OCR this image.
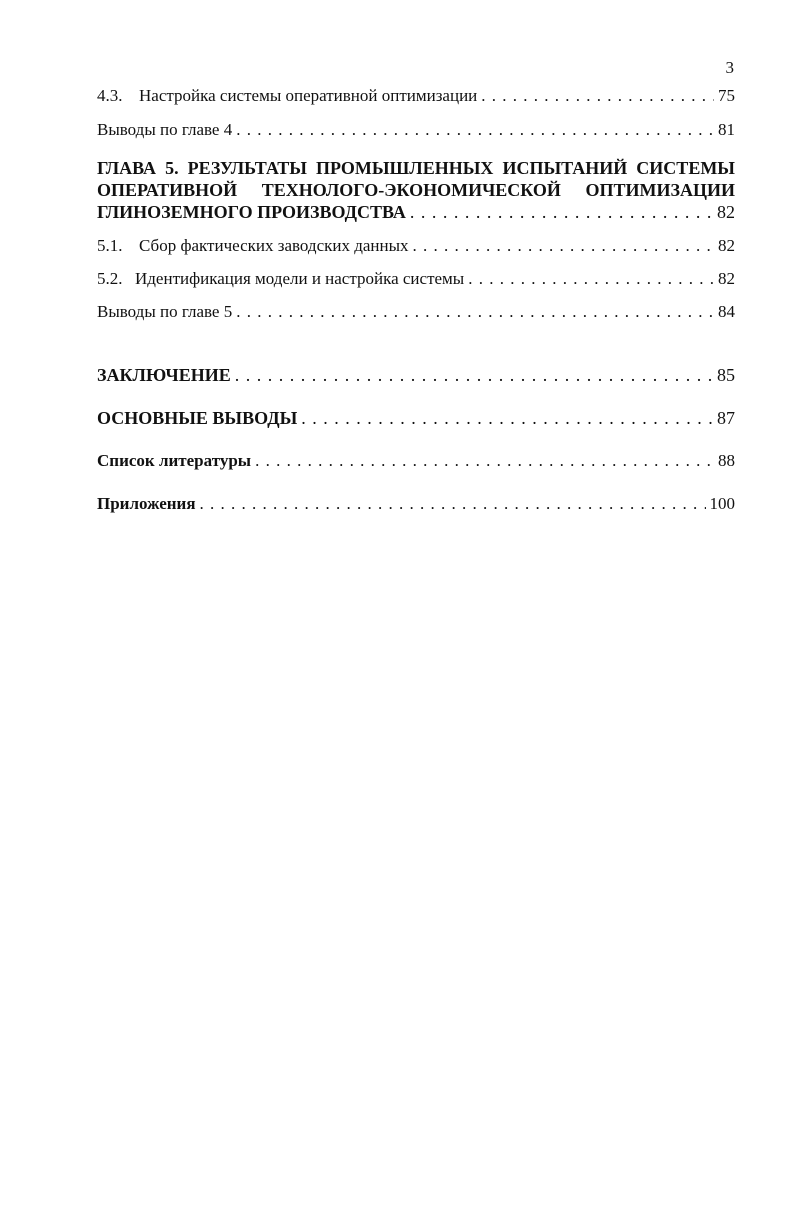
3
4.3. Настройка системы оперативной оптимизации . . .	75
Выводы по главе 4 . . .	81
ГЛАВА 5. РЕЗУЛЬТАТЫ ПРОМЫШЛЕННЫХ ИСПЫТАНИЙ СИСТЕМЫ
ОПЕРАТИВНОЙ ТЕХНОЛОГО-ЭКОНОМИЧЕСКОЙ ОПТИМИЗАЦИИ
ГЛИНОЗЕМНОГО ПРОИЗВОДСТВА . . .	82
5.1. Сбор фактических заводских данных . . .	82
5.2. Идентификация модели и настройка системы . . .	82
Выводы по главе 5 . . .	84
ЗАКЛЮЧЕНИЕ . . .	85
ОСНОВНЫЕ ВЫВОДЫ . . .	87
Список литературы . . .	88
Приложения . . .	100
